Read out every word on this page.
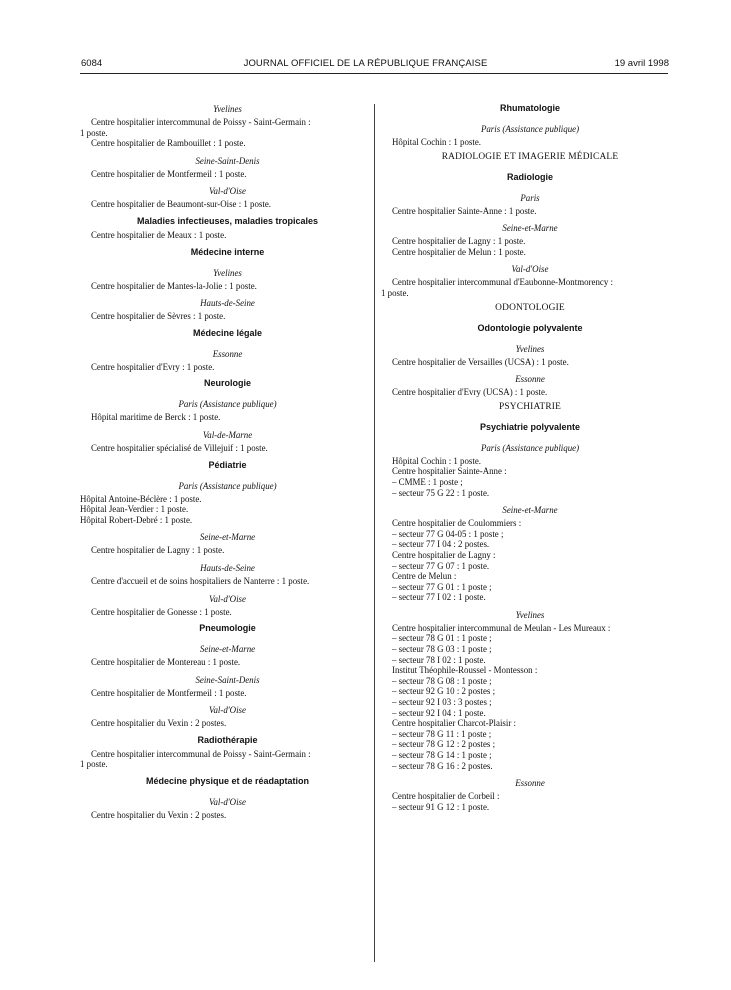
6084	JOURNAL OFFICIEL DE LA RÉPUBLIQUE FRANÇAISE	19 avril 1998
Yvelines
Centre hospitalier intercommunal de Poissy - Saint-Germain :
1 poste.
Centre hospitalier de Rambouillet : 1 poste.
Seine-Saint-Denis
Centre hospitalier de Montfermeil : 1 poste.
Val-d'Oise
Centre hospitalier de Beaumont-sur-Oise : 1 poste.
Maladies infectieuses, maladies tropicales
Centre hospitalier de Meaux : 1 poste.
Médecine interne
Yvelines
Centre hospitalier de Mantes-la-Jolie : 1 poste.
Hauts-de-Seine
Centre hospitalier de Sèvres : 1 poste.
Médecine légale
Essonne
Centre hospitalier d'Evry : 1 poste.
Neurologie
Paris (Assistance publique)
Hôpital maritime de Berck : 1 poste.
Val-de-Marne
Centre hospitalier spécialisé de Villejuif : 1 poste.
Pédiatrie
Paris (Assistance publique)
Hôpital Antoine-Béclère : 1 poste.
Hôpital Jean-Verdier : 1 poste.
Hôpital Robert-Debré : 1 poste.
Seine-et-Marne
Centre hospitalier de Lagny : 1 poste.
Hauts-de-Seine
Centre d'accueil et de soins hospitaliers de Nanterre : 1 poste.
Val-d'Oise
Centre hospitalier de Gonesse : 1 poste.
Pneumologie
Seine-et-Marne
Centre hospitalier de Montereau : 1 poste.
Seine-Saint-Denis
Centre hospitalier de Montfermeil : 1 poste.
Val-d'Oise
Centre hospitalier du Vexin : 2 postes.
Radiothérapie
Centre hospitalier intercommunal de Poissy - Saint-Germain :
1 poste.
Médecine physique et de réadaptation
Val-d'Oise
Centre hospitalier du Vexin : 2 postes.
Rhumatologie
Paris (Assistance publique)
Hôpital Cochin : 1 poste.
RADIOLOGIE ET IMAGERIE MÉDICALE
Radiologie
Paris
Centre hospitalier Sainte-Anne : 1 poste.
Seine-et-Marne
Centre hospitalier de Lagny : 1 poste.
Centre hospitalier de Melun : 1 poste.
Val-d'Oise
Centre hospitalier intercommunal d'Eaubonne-Montmorency :
1 poste.
ODONTOLOGIE
Odontologie polyvalente
Yvelines
Centre hospitalier de Versailles (UCSA) : 1 poste.
Essonne
Centre hospitalier d'Evry (UCSA) : 1 poste.
PSYCHIATRIE
Psychiatrie polyvalente
Paris (Assistance publique)
Hôpital Cochin : 1 poste.
Centre hospitalier Sainte-Anne :
– CMME : 1 poste ;
– secteur 75 G 22 : 1 poste.
Seine-et-Marne
Centre hospitalier de Coulommiers :
– secteur 77 G 04-05 : 1 poste ;
– secteur 77 I 04 : 2 postes.
Centre hospitalier de Lagny :
– secteur 77 G 07 : 1 poste.
Centre de Melun :
– secteur 77 G 01 : 1 poste ;
– secteur 77 I 02 : 1 poste.
Yvelines
Centre hospitalier intercommunal de Meulan - Les Mureaux :
– secteur 78 G 01 : 1 poste ;
– secteur 78 G 03 : 1 poste ;
– secteur 78 I 02 : 1 poste.
Institut Théophile-Roussel - Montesson :
– secteur 78 G 08 : 1 poste ;
– secteur 92 G 10 : 2 postes ;
– secteur 92 I 03 : 3 postes ;
– secteur 92 I 04 : 1 poste.
Centre hospitalier Charcot-Plaisir :
– secteur 78 G 11 : 1 poste ;
– secteur 78 G 12 : 2 postes ;
– secteur 78 G 14 : 1 poste ;
– secteur 78 G 16 : 2 postes.
Essonne
Centre hospitalier de Corbeil :
– secteur 91 G 12 : 1 poste.
